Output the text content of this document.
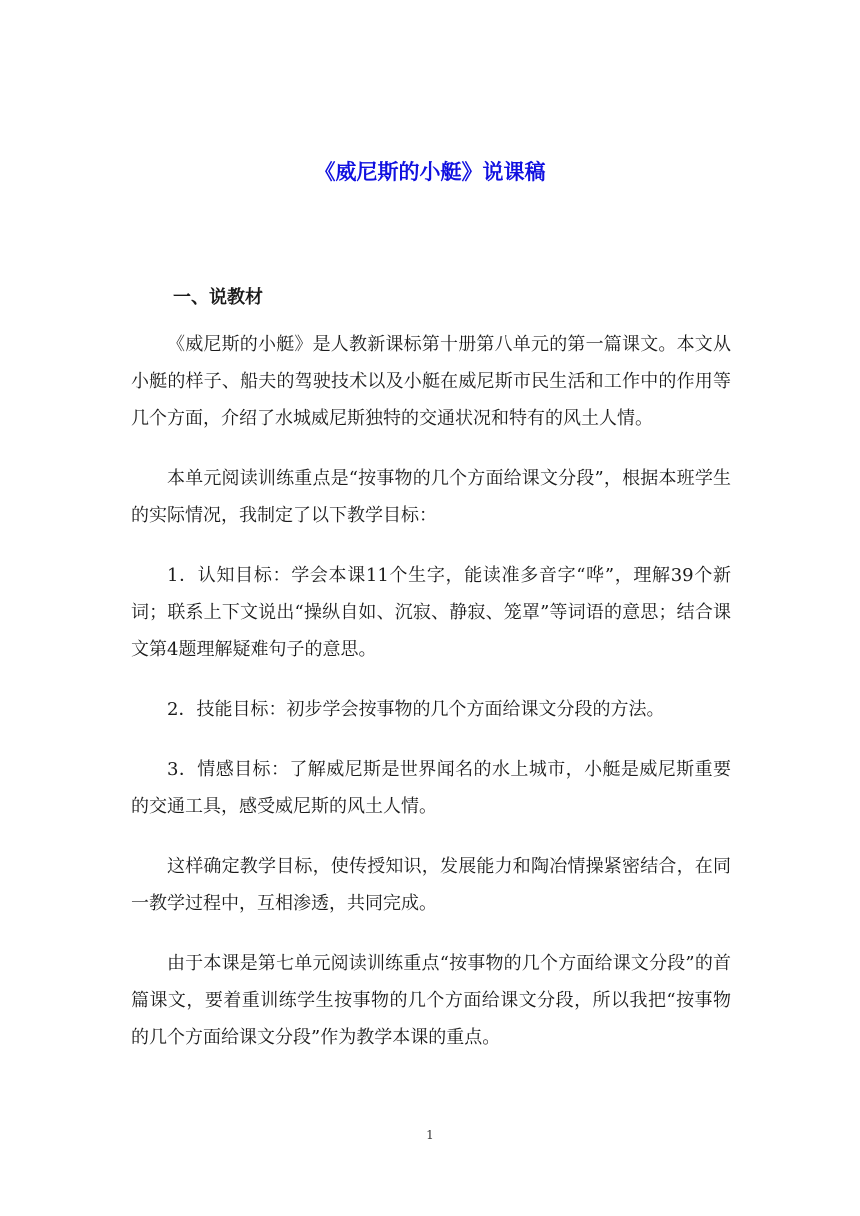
《威尼斯的小艇》说课稿

一、说教材

《威尼斯的小艇》是人教新课标第十册第八单元的第一篇课文。本文从小艇的样子、船夫的驾驶技术以及小艇在威尼斯市民生活和工作中的作用等几个方面，介绍了水城威尼斯独特的交通状况和特有的风土人情。

本单元阅读训练重点是“按事物的几个方面给课文分段”，根据本班学生的实际情况，我制定了以下教学目标：

1．认知目标：学会本课11个生字，能读准多音字“哗”，理解39个新词；联系上下文说出“操纵自如、沉寂、静寂、笼罩”等词语的意思；结合课文第4题理解疑难句子的意思。

2．技能目标：初步学会按事物的几个方面给课文分段的方法。

3．情感目标：了解威尼斯是世界闻名的水上城市，小艇是威尼斯重要的交通工具，感受威尼斯的风土人情。

这样确定教学目标，使传授知识，发展能力和陶冶情操紧密结合，在同一教学过程中，互相渗透，共同完成。

由于本课是第七单元阅读训练重点“按事物的几个方面给课文分段”的首篇课文，要着重训练学生按事物的几个方面给课文分段，所以我把“按事物的几个方面给课文分段”作为教学本课的重点。

1
